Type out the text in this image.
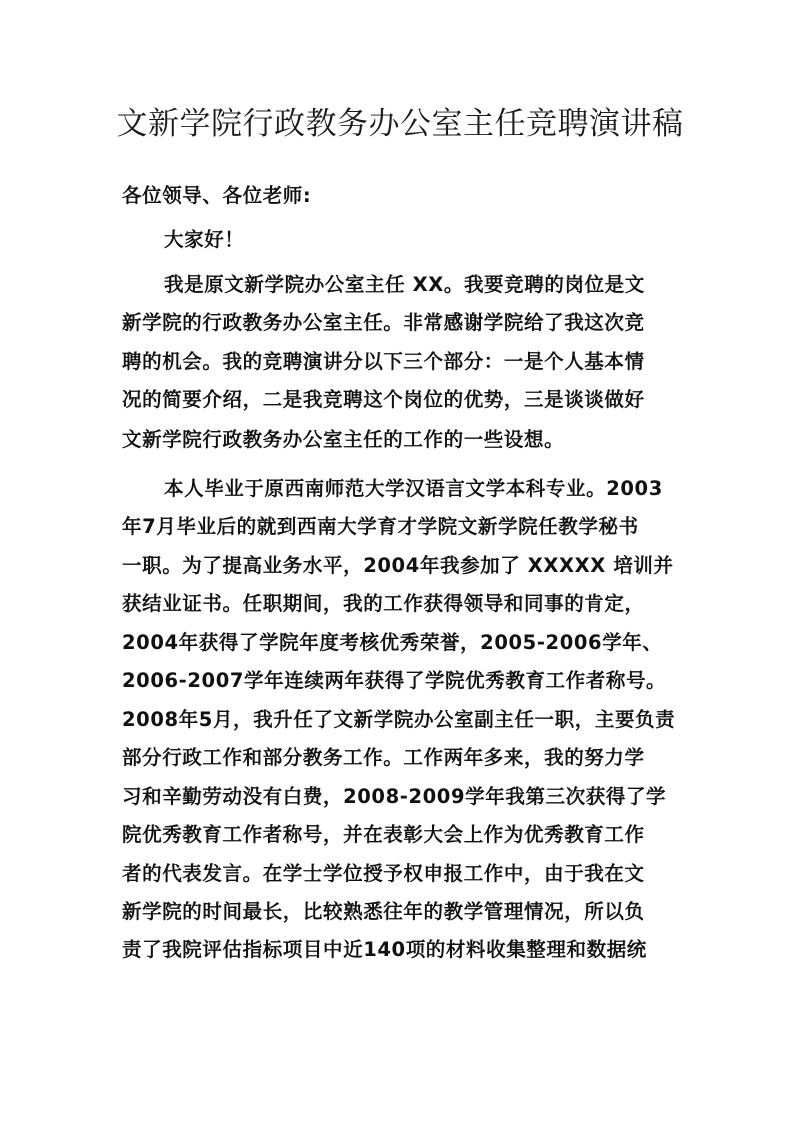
文新学院行政教务办公室主任竞聘演讲稿
各位领导、各位老师:
大家好！
我是原文新学院办公室主任 XX。我要竞聘的岗位是文
新学院的行政教务办公室主任。非常感谢学院给了我这次竞
聘的机会。我的竞聘演讲分以下三个部分：一是个人基本情
况的简要介绍，二是我竞聘这个岗位的优势，三是谈谈做好
文新学院行政教务办公室主任的工作的一些设想。
本人毕业于原西南师范大学汉语言文学本科专业。2003
年7月毕业后的就到西南大学育才学院文新学院任教学秘书
一职。为了提高业务水平，2004年我参加了 XXXXX 培训并
获结业证书。任职期间，我的工作获得领导和同事的肯定，
2004年获得了学院年度考核优秀荣誉，2005-2006学年、
2006-2007学年连续两年获得了学院优秀教育工作者称号。
2008年5月，我升任了文新学院办公室副主任一职，主要负责
部分行政工作和部分教务工作。工作两年多来，我的努力学
习和辛勤劳动没有白费，2008-2009学年我第三次获得了学
院优秀教育工作者称号，并在表彰大会上作为优秀教育工作
者的代表发言。在学士学位授予权申报工作中，由于我在文
新学院的时间最长，比较熟悉往年的教学管理情况，所以负
责了我院评估指标项目中近140项的材料收集整理和数据统
